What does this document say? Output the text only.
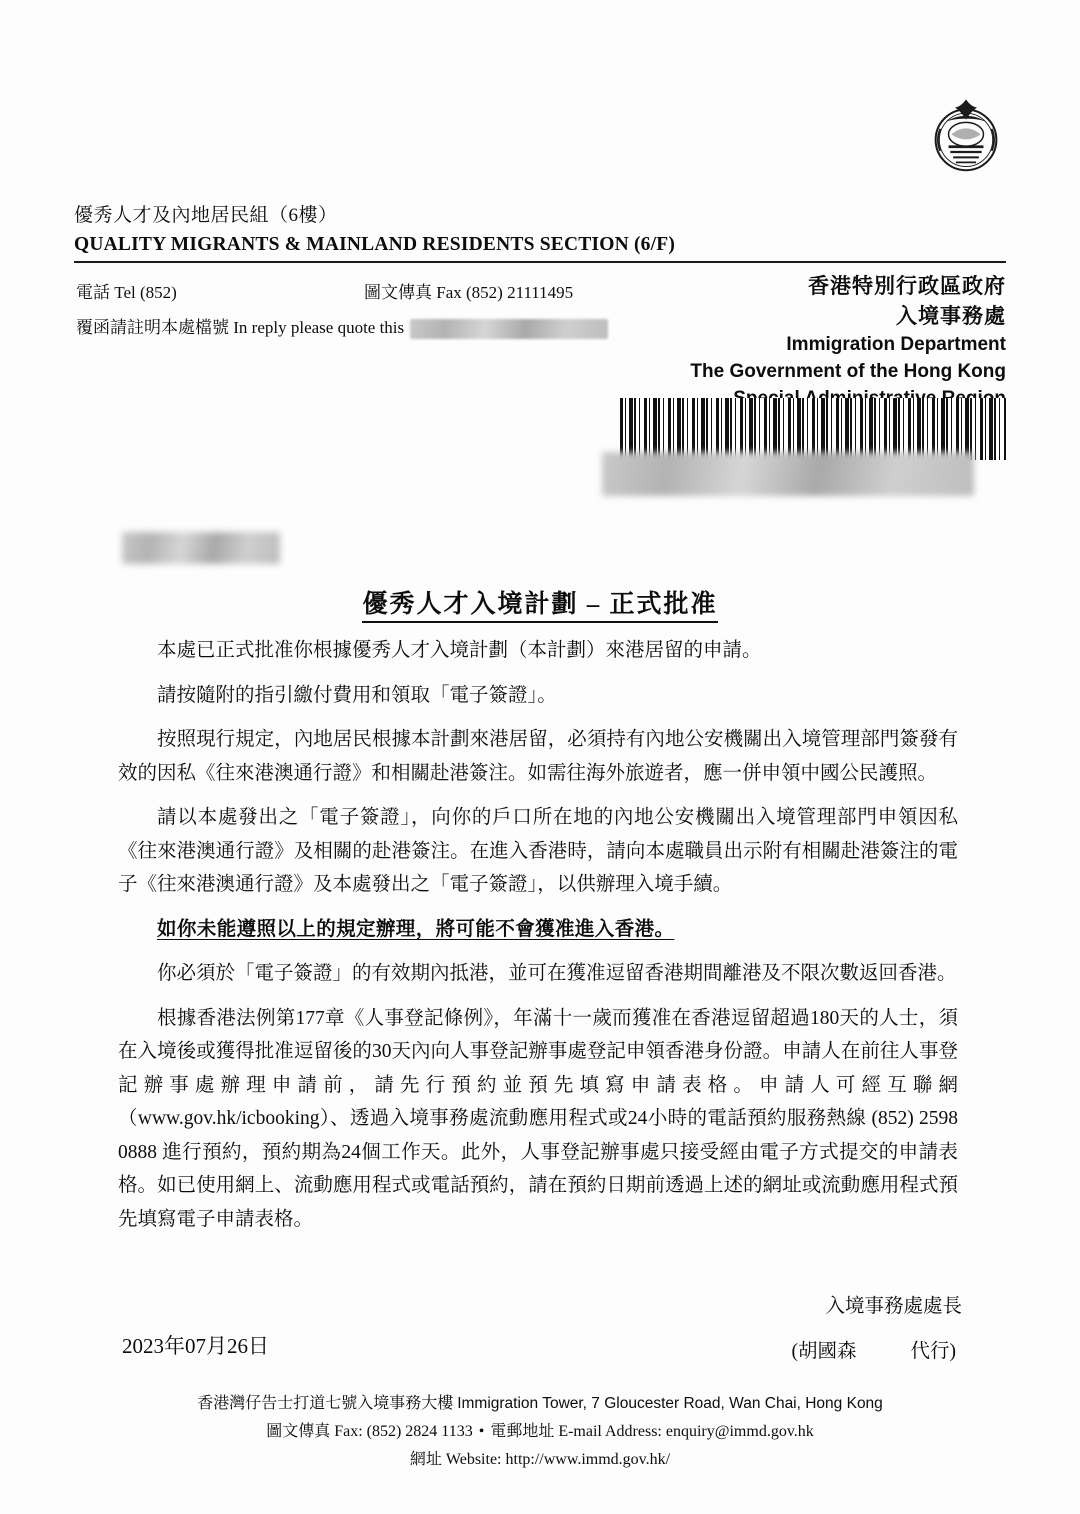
優秀人才及內地居民組（6樓）
QUALITY MIGRANTS & MAINLAND RESIDENTS SECTION (6/F)
電話 Tel (852)	圖文傳真 Fax (852) 21111495
覆函請註明本處檔號 In reply please quote this
香港特別行政區政府
入境事務處
Immigration Department
The Government of the Hong Kong
優秀人才入境計劃 – 正式批准

本處已正式批准你根據優秀人才入境計劃（本計劃）來港居留的申請。

請按隨附的指引繳付費用和領取「電子簽證」。

按照現行規定，內地居民根據本計劃來港居留，必須持有內地公安機關出入境管理部門簽發有效的因私《往來港澳通行證》和相關赴港簽注。如需往海外旅遊者，應一併申領中國公民護照。

請以本處發出之「電子簽證」，向你的戶口所在地的內地公安機關出入境管理部門申領因私《往來港澳通行證》及相關的赴港簽注。在進入香港時，請向本處職員出示附有相關赴港簽注的電子《往來港澳通行證》及本處發出之「電子簽證」，以供辦理入境手續。

如你未能遵照以上的規定辦理，將可能不會獲准進入香港。

你必須於「電子簽證」的有效期內抵港，並可在獲准逗留香港期間離港及不限次數返回香港。

根據香港法例第177章《人事登記條例》，年滿十一歲而獲准在香港逗留超過180天的人士，須在入境後或獲得批准逗留後的30天內向人事登記辦事處登記申領香港身份證。申請人在前往人事登記辦事處辦理申請前，請先行預約並預先填寫申請表格。申請人可經互聯網　（www.gov.hk/icbooking）、透過入境事務處流動應用程式或24小時的電話預約服務熱線 (852) 2598 0888 進行預約，預約期為24個工作天。此外，人事登記辦事處只接受經由電子方式提交的申請表格。如已使用網上、流動應用程式或電話預約，請在預約日期前透過上述的網址或流動應用程式預先填寫電子申請表格。

入境事務處處長
(胡國森	代行)
2023年07月26日
香港灣仔告士打道七號入境事務大樓 Immigration Tower, 7 Gloucester Road, Wan Chai, Hong Kong
圖文傳真 Fax: (852) 2824 1133 • 電郵地址 E-mail Address: enquiry@immd.gov.hk
網址 Website: http://www.immd.gov.hk/
